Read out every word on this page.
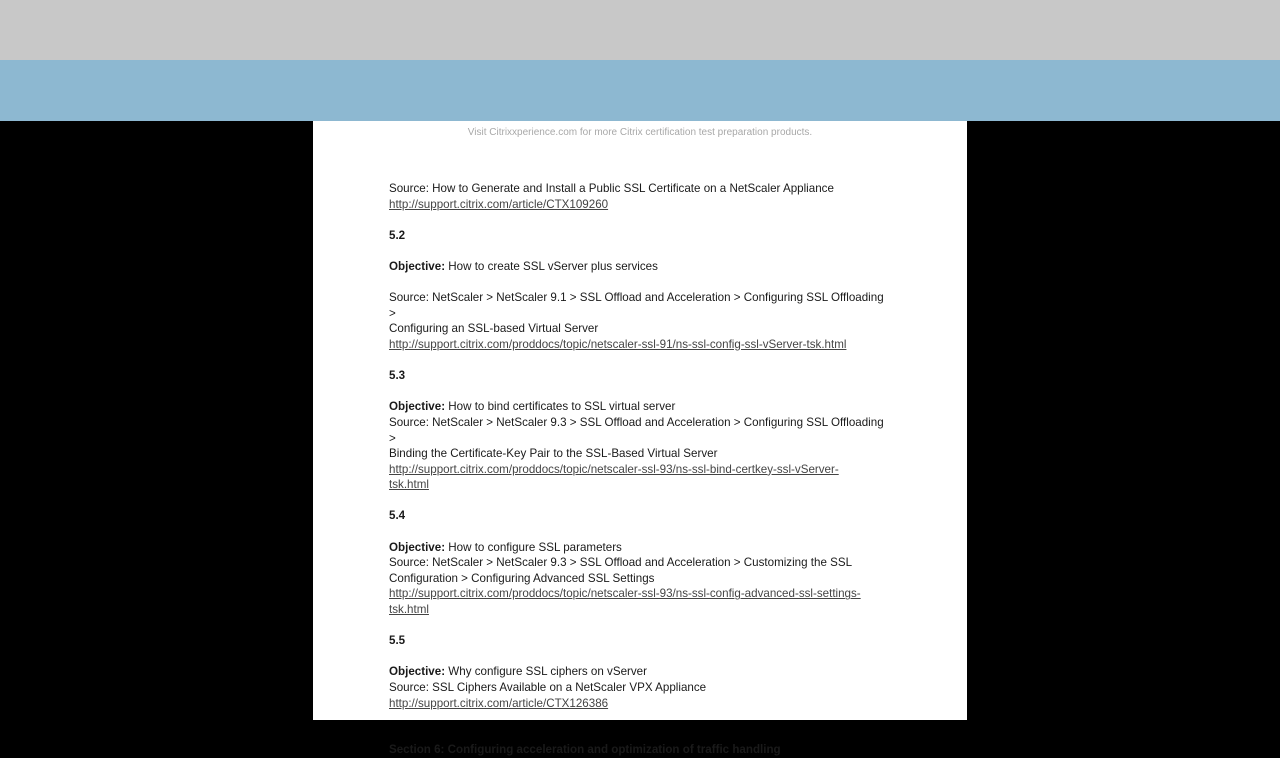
Visit Citrixxperience.com for more Citrix certification test preparation products.

Source: How to Generate and Install a Public SSL Certificate on a NetScaler Appliance

http://support.citrix.com/article/CTX109260

5.2

Objective: How to create SSL vServer plus services

Source: NetScaler > NetScaler 9.1 > SSL Offload and Acceleration > Configuring SSL Offloading >

Configuring an SSL-based Virtual Server

http://support.citrix.com/proddocs/topic/netscaler-ssl-91/ns-ssl-config-ssl-vServer-tsk.html

5.3

Objective: How to bind certificates to SSL virtual server

Source: NetScaler > NetScaler 9.3 > SSL Offload and Acceleration > Configuring SSL Offloading >

Binding the Certificate-Key Pair to the SSL-Based Virtual Server

http://support.citrix.com/proddocs/topic/netscaler-ssl-93/ns-ssl-bind-certkey-ssl-vServer-

tsk.html

5.4

Objective: How to configure SSL parameters

Source: NetScaler > NetScaler 9.3 > SSL Offload and Acceleration > Customizing the SSL

Configuration > Configuring Advanced SSL Settings

http://support.citrix.com/proddocs/topic/netscaler-ssl-93/ns-ssl-config-advanced-ssl-settings-

tsk.html

5.5

Objective: Why configure SSL ciphers on vServer

Source: SSL Ciphers Available on a NetScaler VPX Appliance

http://support.citrix.com/article/CTX126386

Section 6: Configuring acceleration and optimization of traffic handling
